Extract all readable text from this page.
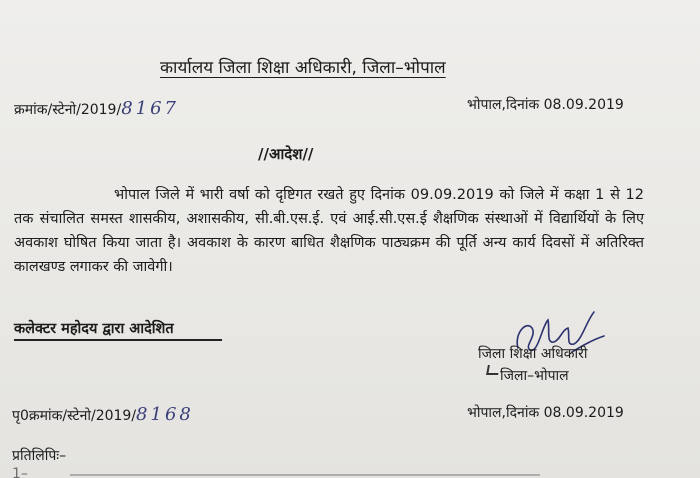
कार्यालय जिला शिक्षा अधिकारी, जिला–भोपाल
क्रमांक/स्टेनो/2019/8167	भोपाल,दिनांक 08.09.2019
//आदेश//

भोपाल जिले में भारी वर्षा को दृष्टिगत रखते हुए दिनांक 09.09.2019 को जिले में कक्षा 1 से 12 तक संचालित समस्त शासकीय, अशासकीय, सी.बी.एस.ई. एवं आई.सी.एस.ई शैक्षणिक संस्थाओं में विद्यार्थियों के लिए अवकाश घोषित किया जाता है। अवकाश के कारण बाधित शैक्षणिक पाठ्यक्रम की पूर्ति अन्य कार्य दिवसों में अतिरिक्त कालखण्ड लगाकर की जावेगी।

कलेक्टर महोदय द्वारा आदेशित
जिला शिक्षा अधिकारी
जिला–भोपाल
पृ0क्रमांक/स्टेनो/2019/8168	भोपाल,दिनांक 08.09.2019
प्रतिलिपिः–
1–
